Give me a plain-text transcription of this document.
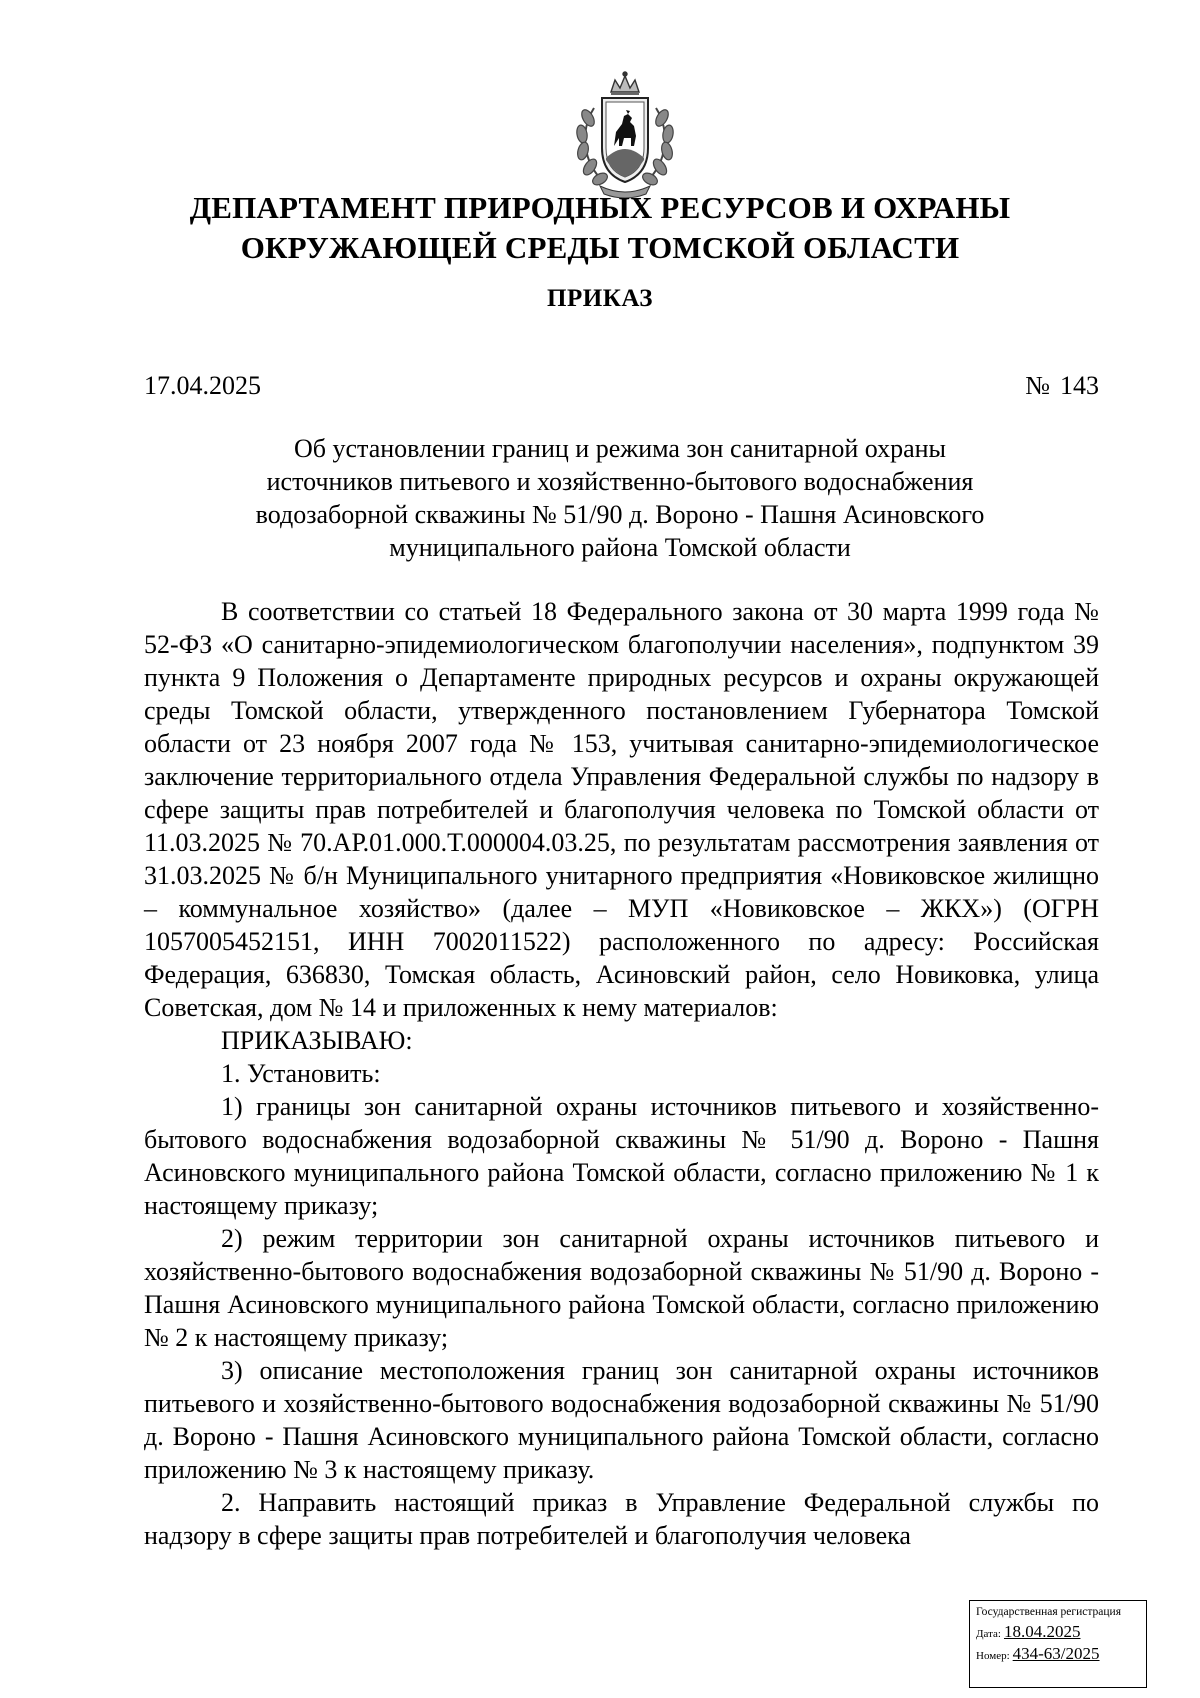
ДЕПАРТАМЕНТ ПРИРОДНЫХ РЕСУРСОВ И ОХРАНЫ
ОКРУЖАЮЩЕЙ СРЕДЫ ТОМСКОЙ ОБЛАСТИ
ПРИКАЗ
17.04.2025	№ 143
Об установлении границ и режима зон санитарной охраны
источников питьевого и хозяйственно-бытового водоснабжения
водозаборной скважины № 51/90 д. Вороно - Пашня Асиновского
муниципального района Томской области

В соответствии со статьей 18 Федерального закона от 30 марта 1999 года № 52-ФЗ «О санитарно-эпидемиологическом благополучии населения», подпунктом 39 пункта 9 Положения о Департаменте природных ресурсов и охраны окружающей среды Томской области, утвержденного постановлением Губернатора Томской области от 23 ноября 2007 года № 153, учитывая санитарно-эпидемиологическое заключение территориального отдела Управления Федеральной службы по надзору в сфере защиты прав потребителей и благополучия человека по Томской области от 11.03.2025 № 70.АР.01.000.Т.000004.03.25, по результатам рассмотрения заявления от 31.03.2025 № б/н Муниципального унитарного предприятия «Новиковское жилищно – коммунальное хозяйство» (далее – МУП «Новиковское – ЖКХ») (ОГРН 1057005452151, ИНН 7002011522) расположенного по адресу: Российская Федерация, 636830, Томская область, Асиновский район, село Новиковка, улица Советская, дом № 14 и приложенных к нему материалов:

ПРИКАЗЫВАЮ:

1. Установить:

1) границы зон санитарной охраны источников питьевого и хозяйственно-бытового водоснабжения водозаборной скважины № 51/90 д. Вороно - Пашня Асиновского муниципального района Томской области, согласно приложению № 1 к настоящему приказу;

2) режим территории зон санитарной охраны источников питьевого и хозяйственно-бытового водоснабжения водозаборной скважины № 51/90 д. Вороно - Пашня Асиновского муниципального района Томской области, согласно приложению № 2 к настоящему приказу;

3) описание местоположения границ зон санитарной охраны источников питьевого и хозяйственно-бытового водоснабжения водозаборной скважины № 51/90 д. Вороно - Пашня Асиновского муниципального района Томской области, согласно приложению № 3 к настоящему приказу.

2. Направить настоящий приказ в Управление Федеральной службы по надзору в сфере защиты прав потребителей и благополучия человека

Государственная регистрация
Дата: 18.04.2025
Номер: 434-63/2025
